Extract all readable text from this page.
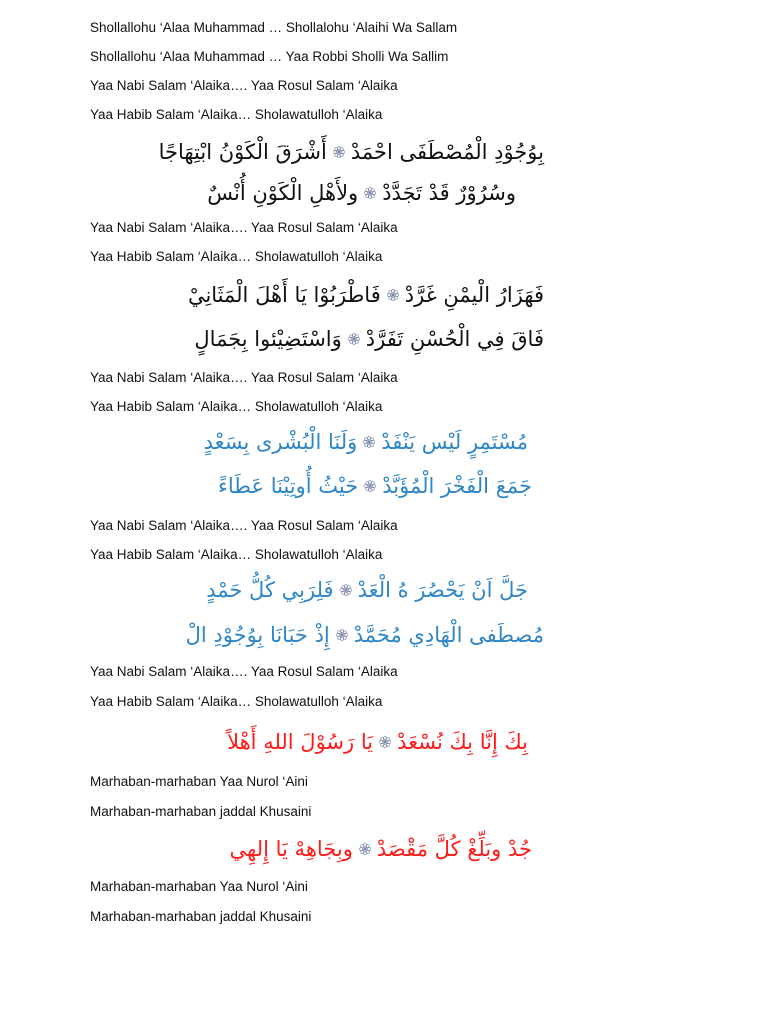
Shollallohu ‘Alaa Muhammad … Shollalohu ‘Alaihi Wa Sallam
Shollallohu ‘Alaa Muhammad … Yaa Robbi Sholli Wa Sallim
Yaa Nabi Salam ‘Alaika…. Yaa Rosul Salam ‘Alaika
Yaa Habib Salam ‘Alaika… Sholawatulloh ‘Alaika
أَشْرَقَ الْكَوْنُ ابْتِهَاجًا بِوُجُوْدِ الْمُصْطَفَى احْمَدْ
ولأَهْلِ الْكَوْنِ أُنْسٌ وسُرُوْرٌ قَدْ تَجَدَّدْ
Yaa Nabi Salam ‘Alaika…. Yaa Rosul Salam ‘Alaika
Yaa Habib Salam ‘Alaika… Sholawatulloh ‘Alaika
فَاطْرَبُوْا يَا أَهْلَ الْمَثَانِيْ فَهَزَارُ الْيمْنِ غَرَّدْ
وَاسْتَضِيْئوا بِجَمَالٍ فَاقَ فِي الْحُسْنِ تَفَرَّدْ
Yaa Nabi Salam ‘Alaika…. Yaa Rosul Salam ‘Alaika
Yaa Habib Salam ‘Alaika… Sholawatulloh ‘Alaika
وَلَنَا الْبُشْرى بِسَعْدٍ مُسْتَمِرٍ لَيْس يَنْفَدْ
حَيْثُ أُوتِيْنَا عَطَاءً جَمَعَ الْفَخْرَ الْمُؤَبَّدْ
Yaa Nabi Salam ‘Alaika…. Yaa Rosul Salam ‘Alaika
Yaa Habib Salam ‘Alaika… Sholawatulloh ‘Alaika
فَلِرَبِي كُلُّ حَمْدٍ جَلَّ اَنْ يَحْصُرَ هُ الْعَدْ
إِذْ حَبَانَا بِوُجُوْدِ الْ مُصطَفى الْهَادِي مُحَمَّدْ
Yaa Nabi Salam ‘Alaika…. Yaa Rosul Salam ‘Alaika
Yaa Habib Salam ‘Alaika… Sholawatulloh ‘Alaika
يَا رَسُوْلَ اللهِ أَهْلاً بِكَ إِنَّا بِكَ نُسْعَدْ
Marhaban-marhaban Yaa Nurol ‘Aini
Marhaban-marhaban jaddal Khusaini
وبِجَاهِهْ يَا إِلهِي جُدْ وبَلِّغْ كُلَّ مَقْصَدْ
Marhaban-marhaban Yaa Nurol ‘Aini
Marhaban-marhaban jaddal Khusaini
